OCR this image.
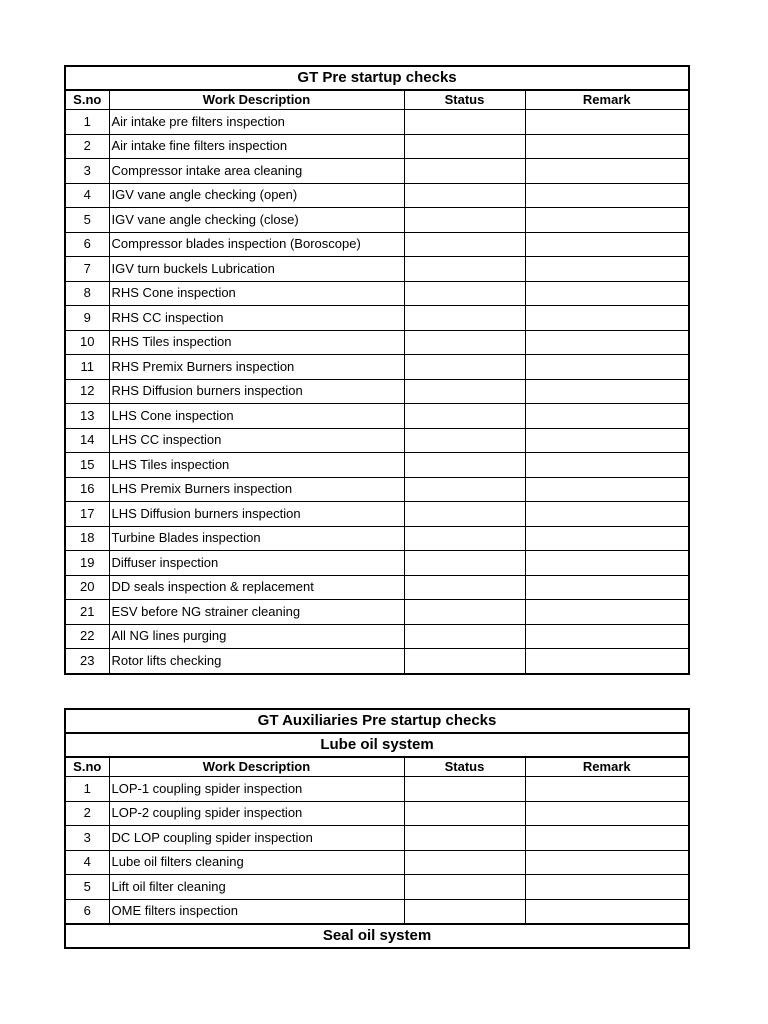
GT Pre startup checks			
S.no	Work Description	Status	Remark
1	Air intake pre filters inspection		
2	Air intake fine filters inspection		
3	Compressor intake area cleaning		
4	IGV vane angle checking (open)		
5	IGV vane angle checking (close)		
6	Compressor blades inspection (Boroscope)		
7	IGV turn buckels Lubrication		
8	RHS Cone inspection		
9	RHS CC inspection		
10	RHS Tiles inspection		
11	RHS Premix Burners inspection		
12	RHS Diffusion burners inspection		
13	LHS Cone inspection		
14	LHS CC inspection		
15	LHS Tiles inspection		
16	LHS Premix Burners inspection		
17	LHS Diffusion burners inspection		
18	Turbine Blades inspection		
19	Diffuser inspection		
20	DD seals inspection & replacement		
21	ESV before NG strainer cleaning		
22	All NG lines purging		
23	Rotor lifts checking		
GT Auxiliaries Pre startup checks			
Lube oil system			
S.no	Work Description	Status	Remark
1	LOP-1 coupling spider inspection		
2	LOP-2 coupling spider inspection		
3	DC LOP coupling spider inspection		
4	Lube oil filters cleaning		
5	Lift oil filter cleaning		
6	OME filters inspection		
Seal oil system			
